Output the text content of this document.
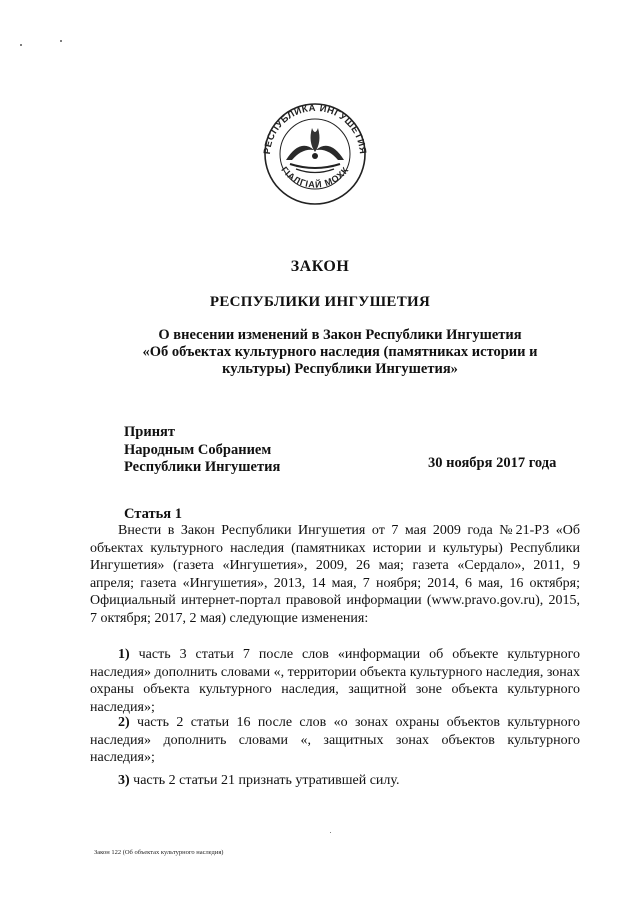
РЕСПУБЛИКА ИНГУШЕТИЯ
ГIАЛГIАЙ МОХК
ЗАКОН
РЕСПУБЛИКИ ИНГУШЕТИЯ
О внесении изменений в Закон Республики Ингушетия
«Об объектах культурного наследия (памятниках истории и
культуры) Республики Ингушетия»
Принят
Народным Собранием
Республики Ингушетия	30 ноября 2017 года
Статья 1
Внести в Закон Республики Ингушетия от 7 мая 2009 года №21-РЗ «Об объектах культурного наследия (памятниках истории и культуры) Республики Ингушетия» (газета «Ингушетия», 2009, 26 мая; газета «Сердало», 2011, 9 апреля; газета «Ингушетия», 2013, 14 мая, 7 ноября; 2014, 6 мая, 16 октября; Официальный интернет-портал правовой информации (www.pravo.gov.ru), 2015, 7 октября; 2017, 2 мая) следующие изменения:
1) часть 3 статьи 7 после слов «информации об объекте культурного наследия» дополнить словами «, территории объекта культурного наследия, зонах охраны объекта культурного наследия, защитной зоне объекта культурного наследия»;
2) часть 2 статьи 16 после слов «о зонах охраны объектов культурного наследия» дополнить словами «, защитных зонах объектов культурного наследия»;
3) часть 2 статьи 21 признать утратившей силу.
Закон 122 (Об объектах культурного наследия)
